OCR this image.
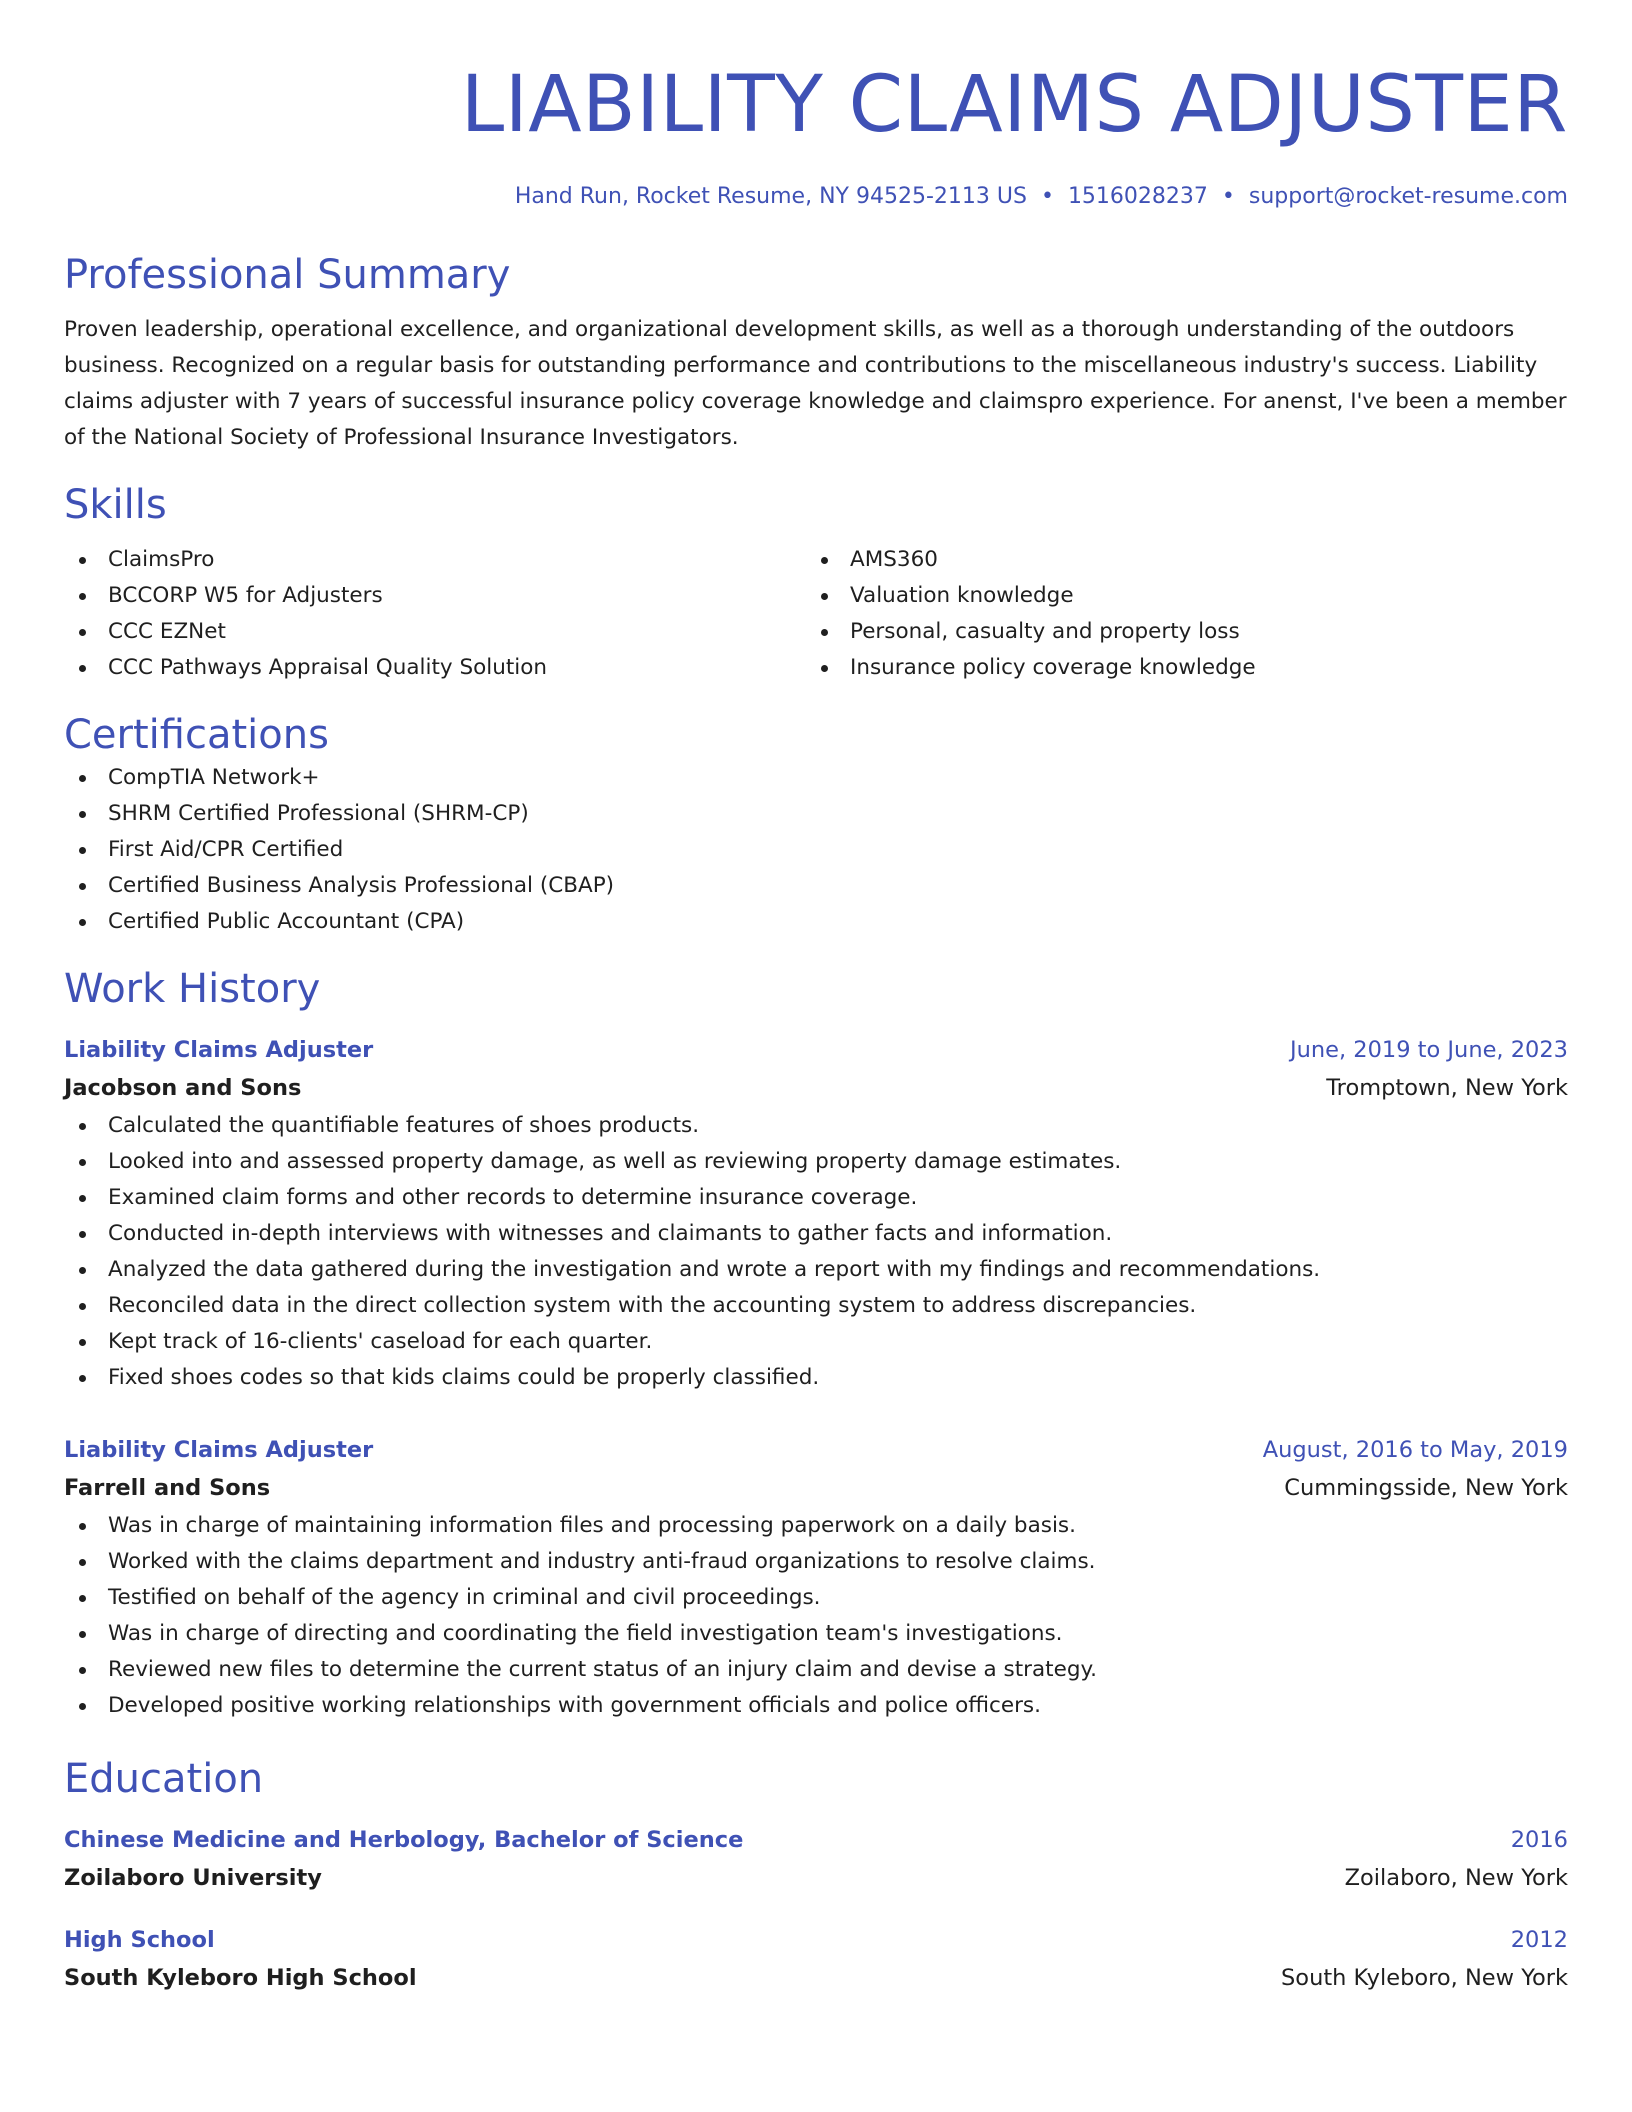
LIABILITY CLAIMS ADJUSTER
Hand Run, Rocket Resume, NY 94525-2113 US • 1516028237 • support@rocket-resume.com
Professional Summary
Proven leadership, operational excellence, and organizational development skills, as well as a thorough understanding of the outdoors business. Recognized on a regular basis for outstanding performance and contributions to the miscellaneous industry's success. Liability claims adjuster with 7 years of successful insurance policy coverage knowledge and claimspro experience. For anenst, I've been a member of the National Society of Professional Insurance Investigators.
Skills
ClaimsPro
BCCORP W5 for Adjusters
CCC EZNet
CCC Pathways Appraisal Quality Solution
AMS360
Valuation knowledge
Personal, casualty and property loss
Insurance policy coverage knowledge
Certifications
CompTIA Network+
SHRM Certified Professional (SHRM-CP)
First Aid/CPR Certified
Certified Business Analysis Professional (CBAP)
Certified Public Accountant (CPA)
Work History
Liability Claims Adjuster	June, 2019 to June, 2023
Jacobson and Sons	Tromptown, New York
Calculated the quantifiable features of shoes products.
Looked into and assessed property damage, as well as reviewing property damage estimates.
Examined claim forms and other records to determine insurance coverage.
Conducted in-depth interviews with witnesses and claimants to gather facts and information.
Analyzed the data gathered during the investigation and wrote a report with my findings and recommendations.
Reconciled data in the direct collection system with the accounting system to address discrepancies.
Kept track of 16-clients' caseload for each quarter.
Fixed shoes codes so that kids claims could be properly classified.
Liability Claims Adjuster	August, 2016 to May, 2019
Farrell and Sons	Cummingsside, New York
Was in charge of maintaining information files and processing paperwork on a daily basis.
Worked with the claims department and industry anti-fraud organizations to resolve claims.
Testified on behalf of the agency in criminal and civil proceedings.
Was in charge of directing and coordinating the field investigation team's investigations.
Reviewed new files to determine the current status of an injury claim and devise a strategy.
Developed positive working relationships with government officials and police officers.
Education
Chinese Medicine and Herbology, Bachelor of Science	2016
Zoilaboro University	Zoilaboro, New York
High School	2012
South Kyleboro High School	South Kyleboro, New York
